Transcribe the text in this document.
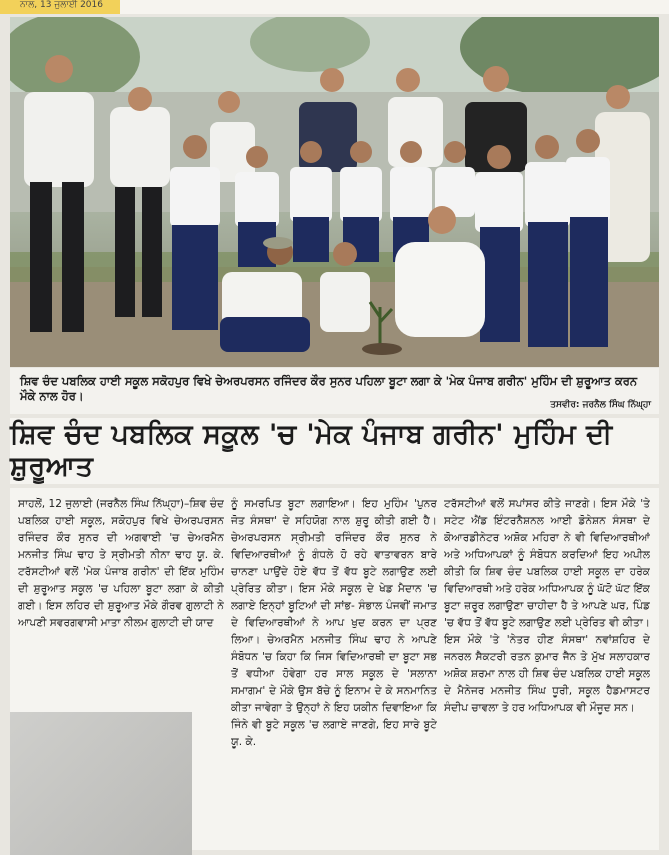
ਨਾਲ, 13 ਜੁਲਾਈ 2016
ਸ਼ਿਵ ਚੰਦ ਪਬਲਿਕ ਹਾਈ ਸਕੂਲ ਸਕੋਹਪੁਰ ਵਿਖੇ ਚੇਅਰਪਰਸਨ ਰਜਿੰਦਰ ਕੌਰ ਸੁਨਰ ਪਹਿਲਾ ਬੂਟਾ ਲਗਾ ਕੇ 'ਮੇਕ ਪੰਜਾਬ ਗਰੀਨ' ਮੁਹਿੰਮ ਦੀ ਸ਼ੁਰੂਆਤ ਕਰਨ ਮੌਕੇ ਨਾਲ ਹੋਰ।
ਤਸਵੀਰ: ਜਰਨੈਲ ਸਿੰਘ ਨਿੱਘ੍ਹਾ
ਸ਼ਿਵ ਚੰਦ ਪਬਲਿਕ ਸਕੂਲ 'ਚ 'ਮੇਕ ਪੰਜਾਬ ਗਰੀਨ' ਮੁਹਿੰਮ ਦੀ ਸ਼ੁਰੂਆਤ
ਸਾਹਲੋਂ, 12 ਜੁਲਾਈ (ਜਰਨੈਲ ਸਿੰਘ ਨਿੱਘ੍ਹਾ)–ਸ਼ਿਵ ਚੰਦ ਪਬਲਿਕ ਹਾਈ ਸਕੂਲ, ਸਕੋਹਪੁਰ ਵਿਖੇ ਚੇਅਰਪਰਸਨ ਰਜਿੰਦਰ ਕੌਰ ਸੁਨਰ ਦੀ ਅਗਵਾਈ 'ਚ ਚੇਅਰਮੈਨ ਮਨਜੀਤ ਸਿੰਘ ਢਾਹ ਤੇ ਸ੍ਰੀਮਤੀ ਨੀਨਾ ਢਾਹ ਯੂ. ਕੇ. ਟਰੱਸਟੀਆਂ ਵਲੋਂ 'ਮੇਕ ਪੰਜਾਬ ਗਰੀਨ' ਦੀ ਇੱਕ ਮੁਹਿੰਮ ਦੀ ਸ਼ੁਰੂਆਤ ਸਕੂਲ 'ਚ ਪਹਿਲਾ ਬੂਟਾ ਲਗਾ ਕੇ ਕੀਤੀ ਗਈ। ਇਸ ਲਹਿਰ ਦੀ ਸ਼ੁਰੂਆਤ ਮੌਕੇ ਗੌਰਵ ਗੁਲਾਟੀ ਨੇ ਆਪਣੀ ਸਵਰਗਵਾਸੀ ਮਾਤਾ ਨੀਲਮ ਗੁਲਾਟੀ ਦੀ ਯਾਦ
ਨੂੰ ਸਮਰਪਿਤ ਬੂਟਾ ਲਗਾਇਆ। ਇਹ ਮੁਹਿੰਮ 'ਪੁਨਰ ਜੋਤ ਸੰਸਥਾ' ਦੇ ਸਹਿਯੋਗ ਨਾਲ ਸ਼ੁਰੂ ਕੀਤੀ ਗਈ ਹੈ। ਚੇਅਰਪਰਸਨ ਸ੍ਰੀਮਤੀ ਰਜਿੰਦਰ ਕੌਰ ਸੁਨਰ ਨੇ ਵਿਦਿਆਰਥੀਆਂ ਨੂੰ ਗੰਧਲੇ ਹੋ ਰਹੇ ਵਾਤਾਵਰਨ ਬਾਰੇ ਚਾਨਣਾ ਪਾਉਂਦੇ ਹੋਏ ਵੱਧ ਤੋਂ ਵੱਧ ਬੂਟੇ ਲਗਾਉਣ ਲਈ ਪ੍ਰੇਰਿਤ ਕੀਤਾ। ਇਸ ਮੌਕੇ ਸਕੂਲ ਦੇ ਖੇਡ ਮੈਦਾਨ 'ਚ ਲਗਾਏ ਇਨ੍ਹਾਂ ਬੂਟਿਆਂ ਦੀ ਸਾਂਭ- ਸੰਭਾਲ ਪੰਜਵੀਂ ਜਮਾਤ ਦੇ ਵਿਦਿਆਰਥੀਆਂ ਨੇ ਆਪ ਖੁਦ ਕਰਨ ਦਾ ਪ੍ਰਣ ਲਿਆ। ਚੇਅਰਮੈਨ ਮਨਜੀਤ ਸਿੰਘ ਢਾਹ ਨੇ ਆਪਣੇ ਸੰਬੋਧਨ 'ਚ ਕਿਹਾ ਕਿ ਜਿਸ ਵਿਦਿਆਰਥੀ ਦਾ ਬੂਟਾ ਸਭ ਤੋਂ ਵਧੀਆ ਹੋਵੇਗਾ ਹਰ ਸਾਲ ਸਕੂਲ ਦੇ 'ਸਲਾਨਾ ਸਮਾਗਮ' ਦੇ ਮੌਕੇ ਉਸ ਬੱਚੇ ਨੂੰ ਇਨਾਮ ਦੇ ਕੇ ਸਨਮਾਨਿਤ ਕੀਤਾ ਜਾਵੇਗਾ ਤੇ ਉਨ੍ਹਾਂ ਨੇ ਇਹ ਯਕੀਨ ਦਿਵਾਇਆ ਕਿ ਜਿੰਨੇ ਵੀ ਬੂਟੇ ਸਕੂਲ 'ਚ ਲਗਾਏ ਜਾਣਗੇ, ਇਹ ਸਾਰੇ ਬੂਟੇ ਯੂ. ਕੇ.
ਟਰੱਸਟੀਆਂ ਵਲੋਂ ਸਪਾਂਸਰ ਕੀਤੇ ਜਾਣਗੇ। ਇਸ ਮੌਕੇ 'ਤੇ ਸਟੇਟ ਐਂਡ ਇੰਟਰਨੈਸ਼ਨਲ ਆਈ ਡੋਨੇਸ਼ਨ ਸੰਸਥਾ ਦੇ ਕੋਆਰਡੀਨੇਟਰ ਅਸ਼ੋਕ ਮਹਿਰਾ ਨੇ ਵੀ ਵਿਦਿਆਰਥੀਆਂ ਅਤੇ ਅਧਿਆਪਕਾਂ ਨੂੰ ਸੰਬੋਧਨ ਕਰਦਿਆਂ ਇਹ ਅਪੀਲ ਕੀਤੀ ਕਿ ਸ਼ਿਵ ਚੰਦ ਪਬਲਿਕ ਹਾਈ ਸਕੂਲ ਦਾ ਹਰੇਕ ਵਿਦਿਆਰਥੀ ਅਤੇ ਹਰੇਕ ਅਧਿਆਪਕ ਨੂੰ ਘੱਟੋ ਘੱਟ ਇੱਕ ਬੂਟਾ ਜ਼ਰੂਰ ਲਗਾਉਣਾ ਚਾਹੀਦਾ ਹੈ ਤੇ ਆਪਣੇ ਘਰ, ਪਿੰਡ 'ਚ ਵੱਧ ਤੋਂ ਵੱਧ ਬੂਟੇ ਲਗਾਉਣ ਲਈ ਪ੍ਰੇਰਿਤ ਵੀ ਕੀਤਾ। ਇਸ ਮੌਕੇ 'ਤੇ 'ਨੇਤਰ ਹੀਣ ਸੰਸਥਾ' ਨਵਾਂਸ਼ਹਿਰ ਦੇ ਜਨਰਲ ਸੈਕਟਰੀ ਰਤਨ ਕੁਮਾਰ ਜੈਨ ਤੇ ਮੁੱਖ ਸਲਾਹਕਾਰ ਅਸ਼ੋਕ ਸ਼ਰਮਾ ਨਾਲ ਹੀ ਸ਼ਿਵ ਚੰਦ ਪਬਲਿਕ ਹਾਈ ਸਕੂਲ ਦੇ ਮੈਨੇਜਰ ਮਨਜੀਤ ਸਿੰਘ ਧੂਰੀ, ਸਕੂਲ ਹੈਡਮਾਸਟਰ ਸੰਦੀਪ ਚਾਵਲਾ ਤੇ ਹਰ ਅਧਿਆਪਕ ਵੀ ਮੌਜੂਦ ਸਨ।
